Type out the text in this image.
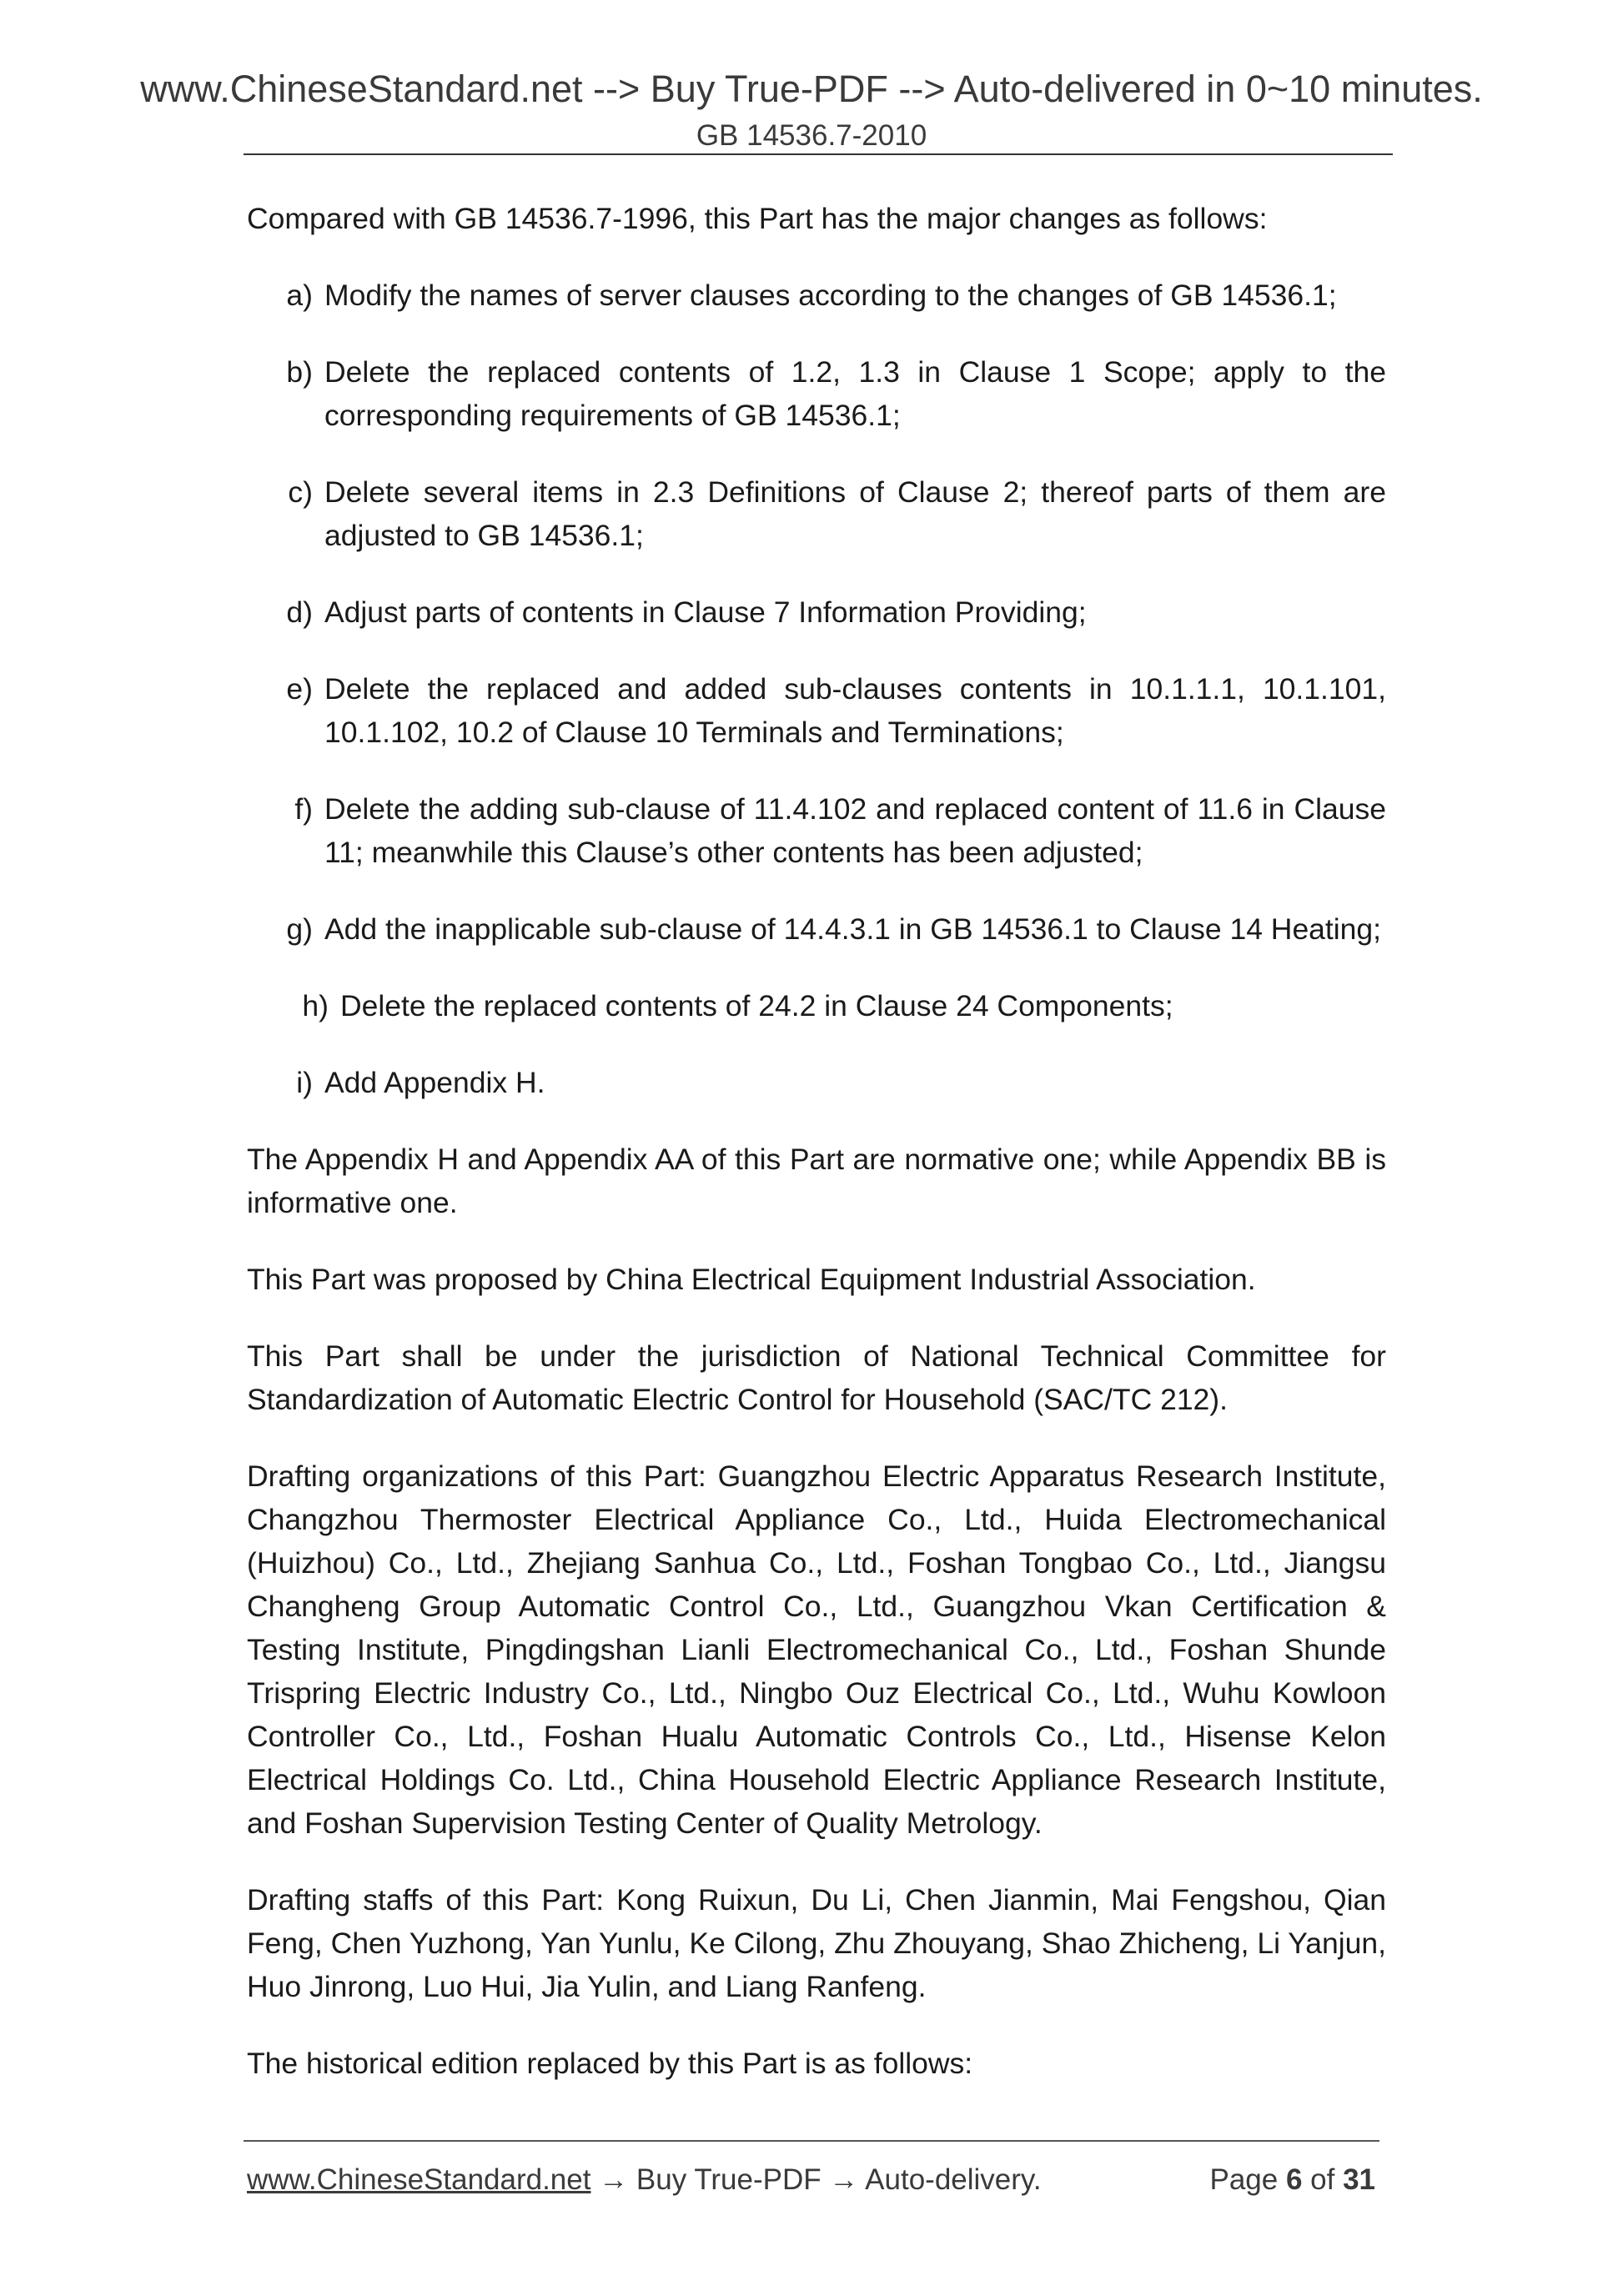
www.ChineseStandard.net --> Buy True-PDF --> Auto-delivered in 0~10 minutes.
GB 14536.7-2010

Compared with GB 14536.7-1996, this Part has the major changes as follows:

a) Modify the names of server clauses according to the changes of GB 14536.1;
b) Delete the replaced contents of 1.2, 1.3 in Clause 1 Scope; apply to the corresponding requirements of GB 14536.1;
c) Delete several items in 2.3 Definitions of Clause 2; thereof parts of them are adjusted to GB 14536.1;
d) Adjust parts of contents in Clause 7 Information Providing;
e) Delete the replaced and added sub-clauses contents in 10.1.1.1, 10.1.101, 10.1.102, 10.2 of Clause 10 Terminals and Terminations;
f) Delete the adding sub-clause of 11.4.102 and replaced content of 11.6 in Clause 11; meanwhile this Clause’s other contents has been adjusted;
g) Add the inapplicable sub-clause of 14.4.3.1 in GB 14536.1 to Clause 14 Heating;
h) Delete the replaced contents of 24.2 in Clause 24 Components;
i) Add Appendix H.

The Appendix H and Appendix AA of this Part are normative one; while Appendix BB is informative one.

This Part was proposed by China Electrical Equipment Industrial Association.

This Part shall be under the jurisdiction of National Technical Committee for Standardization of Automatic Electric Control for Household (SAC/TC 212).

Drafting organizations of this Part: Guangzhou Electric Apparatus Research Institute, Changzhou Thermoster Electrical Appliance Co., Ltd., Huida Electromechanical (Huizhou) Co., Ltd., Zhejiang Sanhua Co., Ltd., Foshan Tongbao Co., Ltd., Jiangsu Changheng Group Automatic Control Co., Ltd., Guangzhou Vkan Certification & Testing Institute, Pingdingshan Lianli Electromechanical Co., Ltd., Foshan Shunde Trispring Electric Industry Co., Ltd., Ningbo Ouz Electrical Co., Ltd., Wuhu Kowloon Controller Co., Ltd., Foshan Hualu Automatic Controls Co., Ltd., Hisense Kelon Electrical Holdings Co. Ltd., China Household Electric Appliance Research Institute, and Foshan Supervision Testing Center of Quality Metrology.

Drafting staffs of this Part: Kong Ruixun, Du Li, Chen Jianmin, Mai Fengshou, Qian Feng, Chen Yuzhong, Yan Yunlu, Ke Cilong, Zhu Zhouyang, Shao Zhicheng, Li Yanjun, Huo Jinrong, Luo Hui, Jia Yulin, and Liang Ranfeng.

The historical edition replaced by this Part is as follows:

www.ChineseStandard.net → Buy True-PDF → Auto-delivery.	Page 6 of 31
